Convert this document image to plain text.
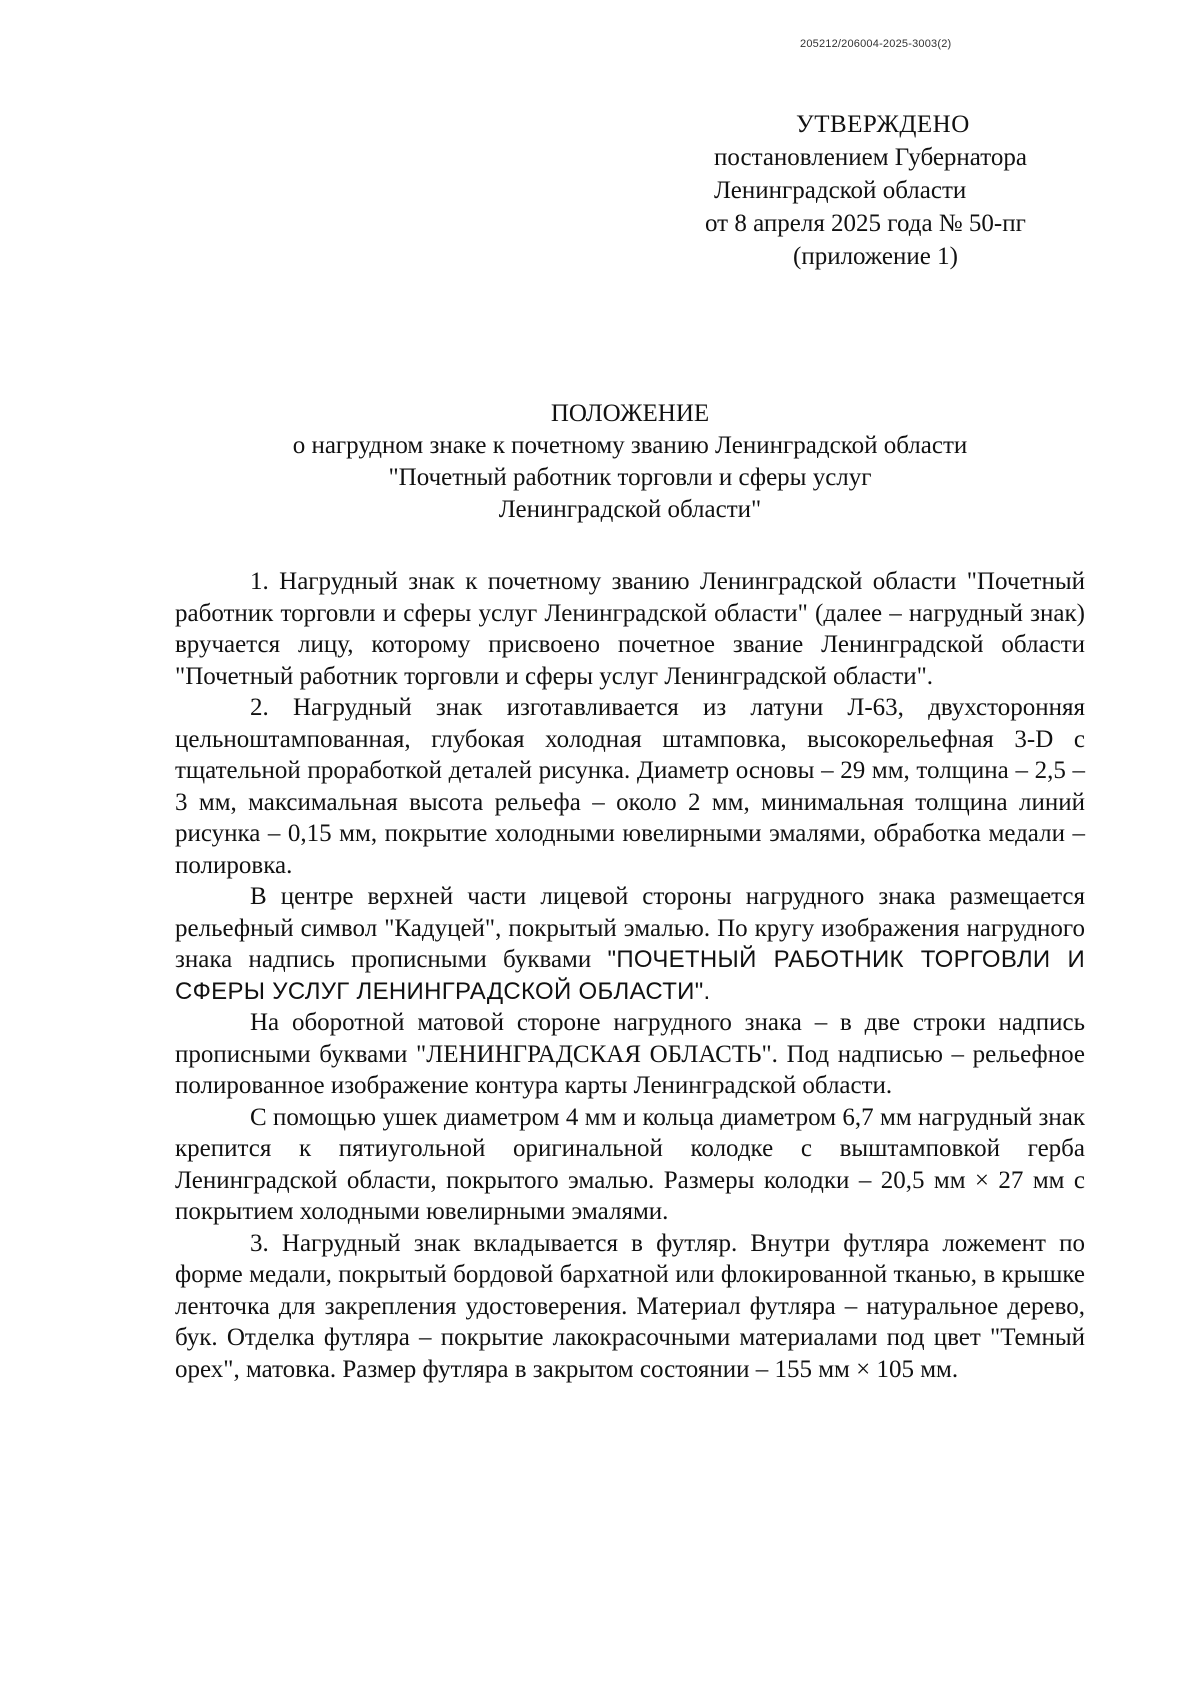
205212/206004-2025-3003(2)
УТВЕРЖДЕНО
постановлением Губернатора
Ленинградской области
от 8 апреля 2025 года № 50-пг
(приложение 1)
ПОЛОЖЕНИЕ
о нагрудном знаке к почетному званию Ленинградской области
"Почетный работник торговли и сферы услуг
Ленинградской области"

1. Нагрудный знак к почетному званию Ленинградской области "Почетный работник торговли и сферы услуг Ленинградской области" (далее – нагрудный знак) вручается лицу, которому присвоено почетное звание Ленинградской области "Почетный работник торговли и сферы услуг Ленинградской области".

2. Нагрудный знак изготавливается из латуни Л-63, двухсторонняя цельноштампованная, глубокая холодная штамповка, высокорельефная 3-D с тщательной проработкой деталей рисунка. Диаметр основы – 29 мм, толщина – 2,5 – 3 мм, максимальная высота рельефа – около 2 мм, минимальная толщина линий рисунка – 0,15 мм, покрытие холодными ювелирными эмалями, обработка медали – полировка.

В центре верхней части лицевой стороны нагрудного знака размещается рельефный символ "Кадуцей", покрытый эмалью. По кругу изображения нагрудного знака надпись прописными буквами "ПОЧЕТНЫЙ РАБОТНИК ТОРГОВЛИ И СФЕРЫ УСЛУГ ЛЕНИНГРАДСКОЙ ОБЛАСТИ".

На оборотной матовой стороне нагрудного знака – в две строки надпись прописными буквами "ЛЕНИНГРАДСКАЯ ОБЛАСТЬ". Под надписью – рельефное полированное изображение контура карты Ленинградской области.

С помощью ушек диаметром 4 мм и кольца диаметром 6,7 мм нагрудный знак крепится к пятиугольной оригинальной колодке с выштамповкой герба Ленинградской области, покрытого эмалью. Размеры колодки – 20,5 мм × 27 мм с покрытием холодными ювелирными эмалями.

3. Нагрудный знак вкладывается в футляр. Внутри футляра ложемент по форме медали, покрытый бордовой бархатной или флокированной тканью, в крышке ленточка для закрепления удостоверения. Материал футляра – натуральное дерево, бук. Отделка футляра – покрытие лакокрасочными материалами под цвет "Темный орех", матовка. Размер футляра в закрытом состоянии – 155 мм × 105 мм.
